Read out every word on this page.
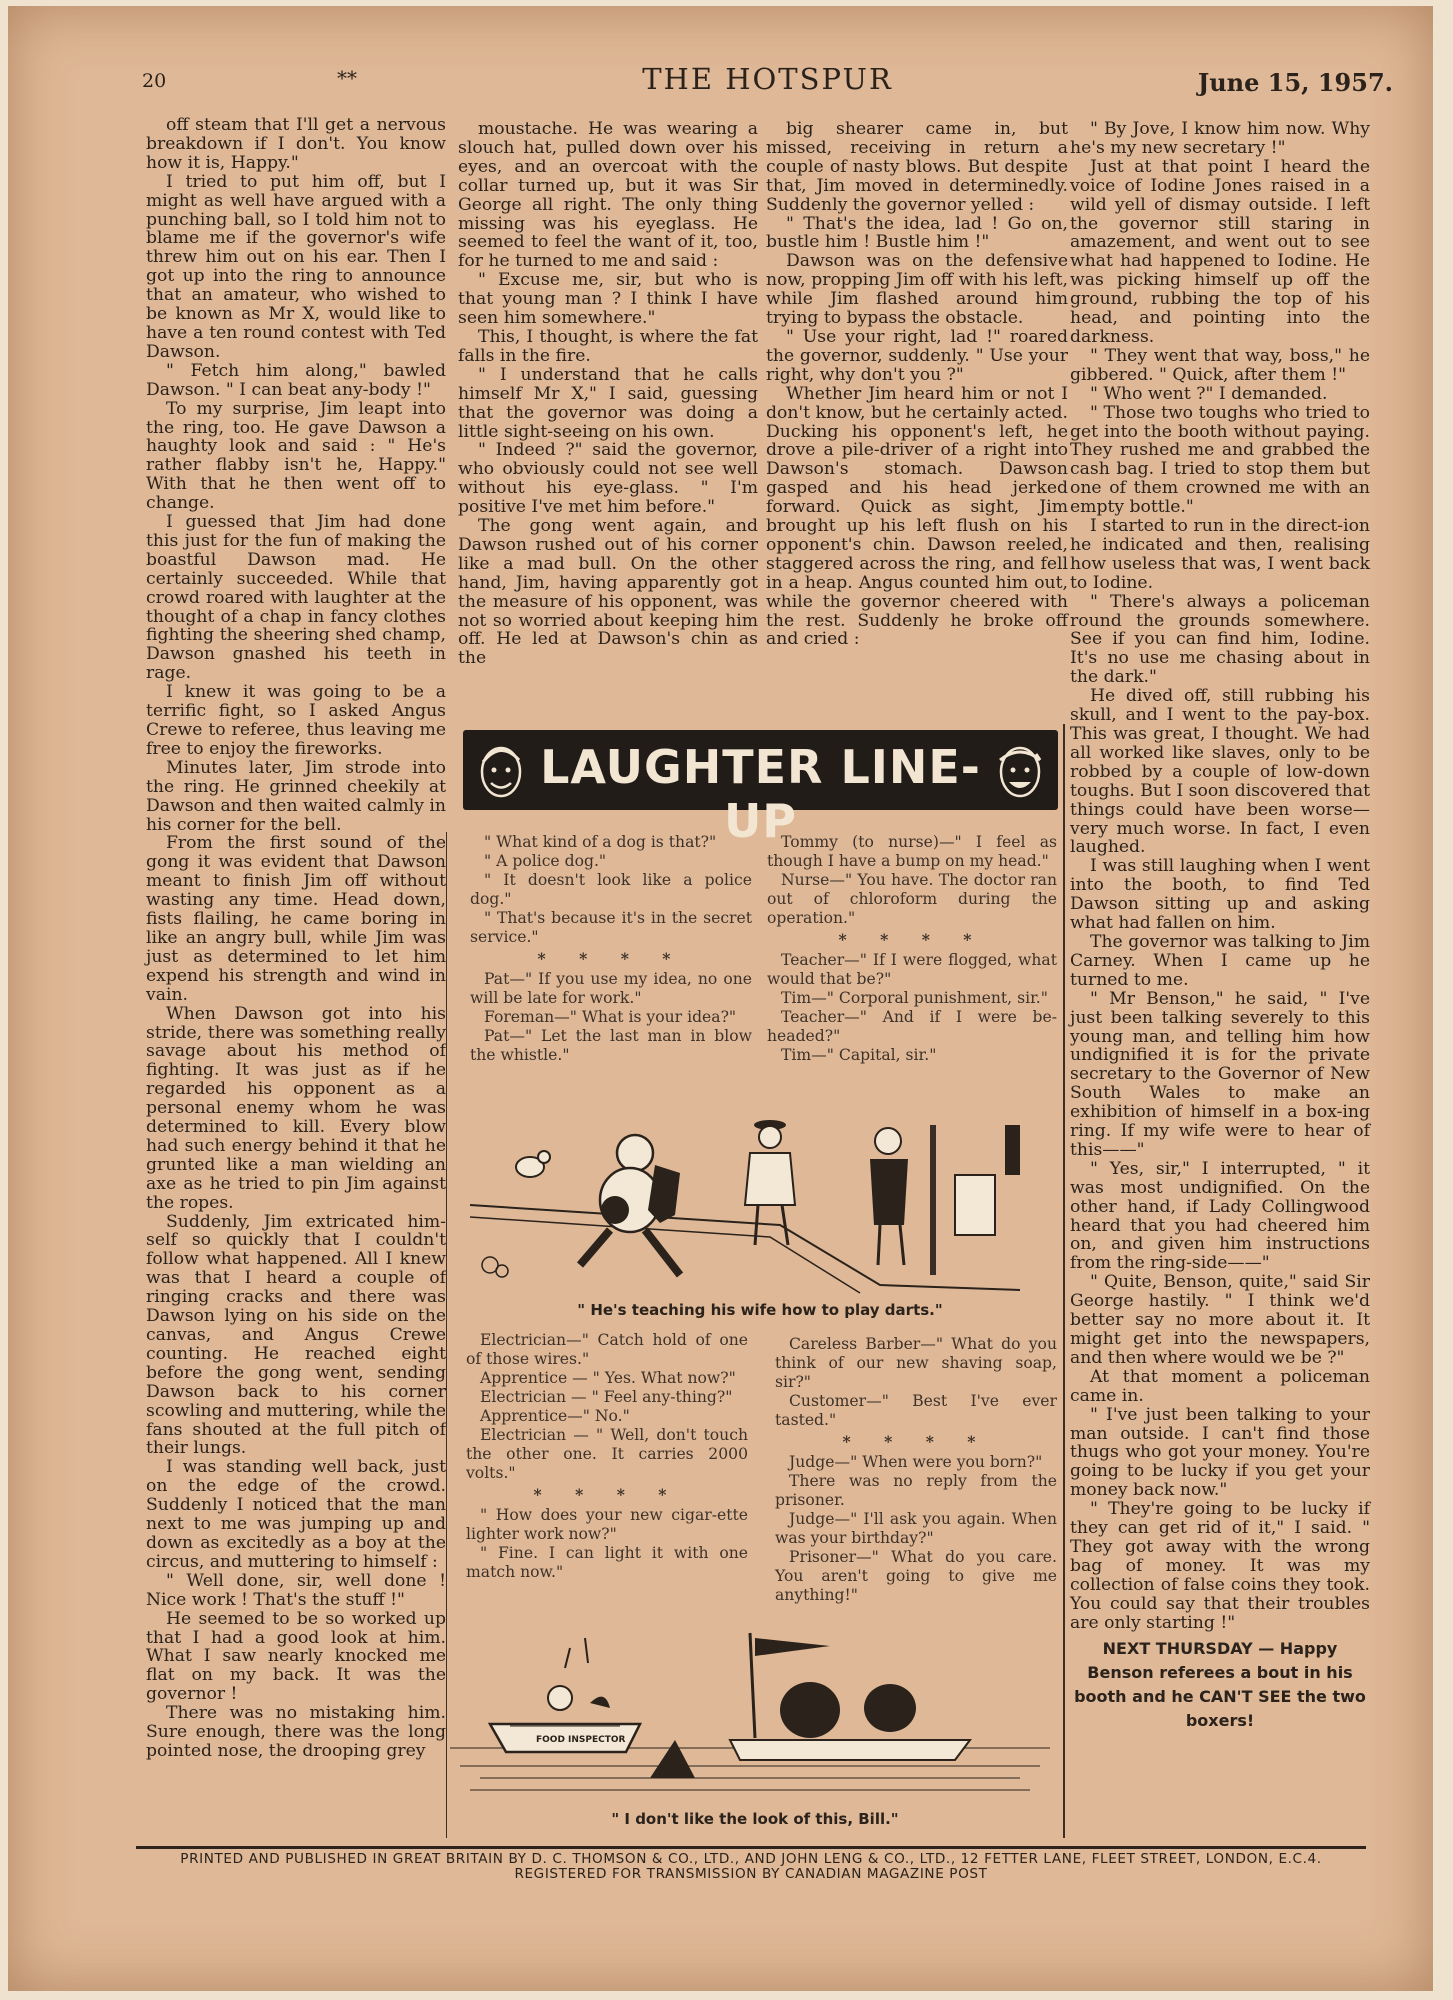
20	**	THE HOTSPUR	June 15, 1957.

off steam that I'll get a nervous breakdown if I don't. You know how it is, Happy."

I tried to put him off, but I might as well have argued with a punching ball, so I told him not to blame me if the governor's wife threw him out on his ear. Then I got up into the ring to announce that an amateur, who wished to be known as Mr X, would like to have a ten round contest with Ted Dawson.

" Fetch him along," bawled Dawson. " I can beat any-body !"

To my surprise, Jim leapt into the ring, too. He gave Dawson a haughty look and said : " He's rather flabby isn't he, Happy." With that he then went off to change.

I guessed that Jim had done this just for the fun of making the boastful Dawson mad. He certainly succeeded. While that crowd roared with laughter at the thought of a chap in fancy clothes fighting the sheering shed champ, Dawson gnashed his teeth in rage.

I knew it was going to be a terrific fight, so I asked Angus Crewe to referee, thus leaving me free to enjoy the fireworks.

Minutes later, Jim strode into the ring. He grinned cheekily at Dawson and then waited calmly in his corner for the bell.

From the first sound of the gong it was evident that Dawson meant to finish Jim off without wasting any time. Head down, fists flailing, he came boring in like an angry bull, while Jim was just as determined to let him expend his strength and wind in vain.

When Dawson got into his stride, there was something really savage about his method of fighting. It was just as if he regarded his opponent as a personal enemy whom he was determined to kill. Every blow had such energy behind it that he grunted like a man wielding an axe as he tried to pin Jim against the ropes.

Suddenly, Jim extricated him-self so quickly that I couldn't follow what happened. All I knew was that I heard a couple of ringing cracks and there was Dawson lying on his side on the canvas, and Angus Crewe counting. He reached eight before the gong went, sending Dawson back to his corner scowling and muttering, while the fans shouted at the full pitch of their lungs.

I was standing well back, just on the edge of the crowd. Suddenly I noticed that the man next to me was jumping up and down as excitedly as a boy at the circus, and muttering to himself :

" Well done, sir, well done ! Nice work ! That's the stuff !"

He seemed to be so worked up that I had a good look at him. What I saw nearly knocked me flat on my back. It was the governor !

There was no mistaking him. Sure enough, there was the long pointed nose, the drooping grey

moustache. He was wearing a slouch hat, pulled down over his eyes, and an overcoat with the collar turned up, but it was Sir George all right. The only thing missing was his eyeglass. He seemed to feel the want of it, too, for he turned to me and said :

" Excuse me, sir, but who is that young man ? I think I have seen him somewhere."

This, I thought, is where the fat falls in the fire.

" I understand that he calls himself Mr X," I said, guessing that the governor was doing a little sight-seeing on his own.

" Indeed ?" said the governor, who obviously could not see well without his eye-glass. " I'm positive I've met him before."

The gong went again, and Dawson rushed out of his corner like a mad bull. On the other hand, Jim, having apparently got the measure of his opponent, was not so worried about keeping him off. He led at Dawson's chin as the

big shearer came in, but missed, receiving in return a couple of nasty blows. But despite that, Jim moved in determinedly. Suddenly the governor yelled :

" That's the idea, lad ! Go on, bustle him ! Bustle him !"

Dawson was on the defensive now, propping Jim off with his left, while Jim flashed around him trying to bypass the obstacle.

" Use your right, lad !" roared the governor, suddenly. " Use your right, why don't you ?"

Whether Jim heard him or not I don't know, but he certainly acted. Ducking his opponent's left, he drove a pile-driver of a right into Dawson's stomach. Dawson gasped and his head jerked forward. Quick as sight, Jim brought up his left flush on his opponent's chin. Dawson reeled, staggered across the ring, and fell in a heap. Angus counted him out, while the governor cheered with the rest. Suddenly he broke off and cried :

" By Jove, I know him now. Why he's my new secretary !"

Just at that point I heard the voice of Iodine Jones raised in a wild yell of dismay outside. I left the governor still staring in amazement, and went out to see what had happened to Iodine. He was picking himself up off the ground, rubbing the top of his head, and pointing into the darkness.

" They went that way, boss," he gibbered. " Quick, after them !"

" Who went ?" I demanded.

" Those two toughs who tried to get into the booth without paying. They rushed me and grabbed the cash bag. I tried to stop them but one of them crowned me with an empty bottle."

I started to run in the direct-ion he indicated and then, realising how useless that was, I went back to Iodine.

" There's always a policeman round the grounds somewhere. See if you can find him, Iodine. It's no use me chasing about in the dark."

He dived off, still rubbing his skull, and I went to the pay-box. This was great, I thought. We had all worked like slaves, only to be robbed by a couple of low-down toughs. But I soon discovered that things could have been worse—very much worse. In fact, I even laughed.

I was still laughing when I went into the booth, to find Ted Dawson sitting up and asking what had fallen on him.

The governor was talking to Jim Carney. When I came up he turned to me.

" Mr Benson," he said, " I've just been talking severely to this young man, and telling him how undignified it is for the private secretary to the Governor of New South Wales to make an exhibition of himself in a box-ing ring. If my wife were to hear of this——"

" Yes, sir," I interrupted, " it was most undignified. On the other hand, if Lady Collingwood heard that you had cheered him on, and given him instructions from the ring-side——"

" Quite, Benson, quite," said Sir George hastily. " I think we'd better say no more about it. It might get into the newspapers, and then where would we be ?"

At that moment a policeman came in.

" I've just been talking to your man outside. I can't find those thugs who got your money. You're going to be lucky if you get your money back now."

" They're going to be lucky if they can get rid of it," I said. " They got away with the wrong bag of money. It was my collection of false coins they took. You could say that their troubles are only starting !"

NEXT THURSDAY — Happy Benson referees a bout in his booth and he CAN'T SEE the two boxers!

LAUGHTER LINE-UP

" What kind of a dog is that?"

" A police dog."

" It doesn't look like a police dog."

" That's because it's in the secret service."

* * * *

Pat—" If you use my idea, no one will be late for work."

Foreman—" What is your idea?"

Pat—" Let the last man in blow the whistle."

Tommy (to nurse)—" I feel as though I have a bump on my head."

Nurse—" You have. The doctor ran out of chloroform during the operation."

* * * *

Teacher—" If I were flogged, what would that be?"

Tim—" Corporal punishment, sir."

Teacher—" And if I were be-headed?"

Tim—" Capital, sir."

" He's teaching his wife how to play darts."

Electrician—" Catch hold of one of those wires."

Apprentice — " Yes. What now?"

Electrician — " Feel any-thing?"

Apprentice—" No."

Electrician — " Well, don't touch the other one. It carries 2000 volts."

* * * *

" How does your new cigar-ette lighter work now?"

" Fine. I can light it with one match now."

Careless Barber—" What do you think of our new shaving soap, sir?"

Customer—" Best I've ever tasted."

* * * *

Judge—" When were you born?"

There was no reply from the prisoner.

Judge—" I'll ask you again. When was your birthday?"

Prisoner—" What do you care. You aren't going to give me anything!"

FOOD INSPECTOR
" I don't like the look of this, Bill."
PRINTED AND PUBLISHED IN GREAT BRITAIN BY D. C. THOMSON & CO., LTD., AND JOHN LENG & CO., LTD., 12 FETTER LANE, FLEET STREET, LONDON, E.C.4. REGISTERED FOR TRANSMISSION BY CANADIAN MAGAZINE POST
